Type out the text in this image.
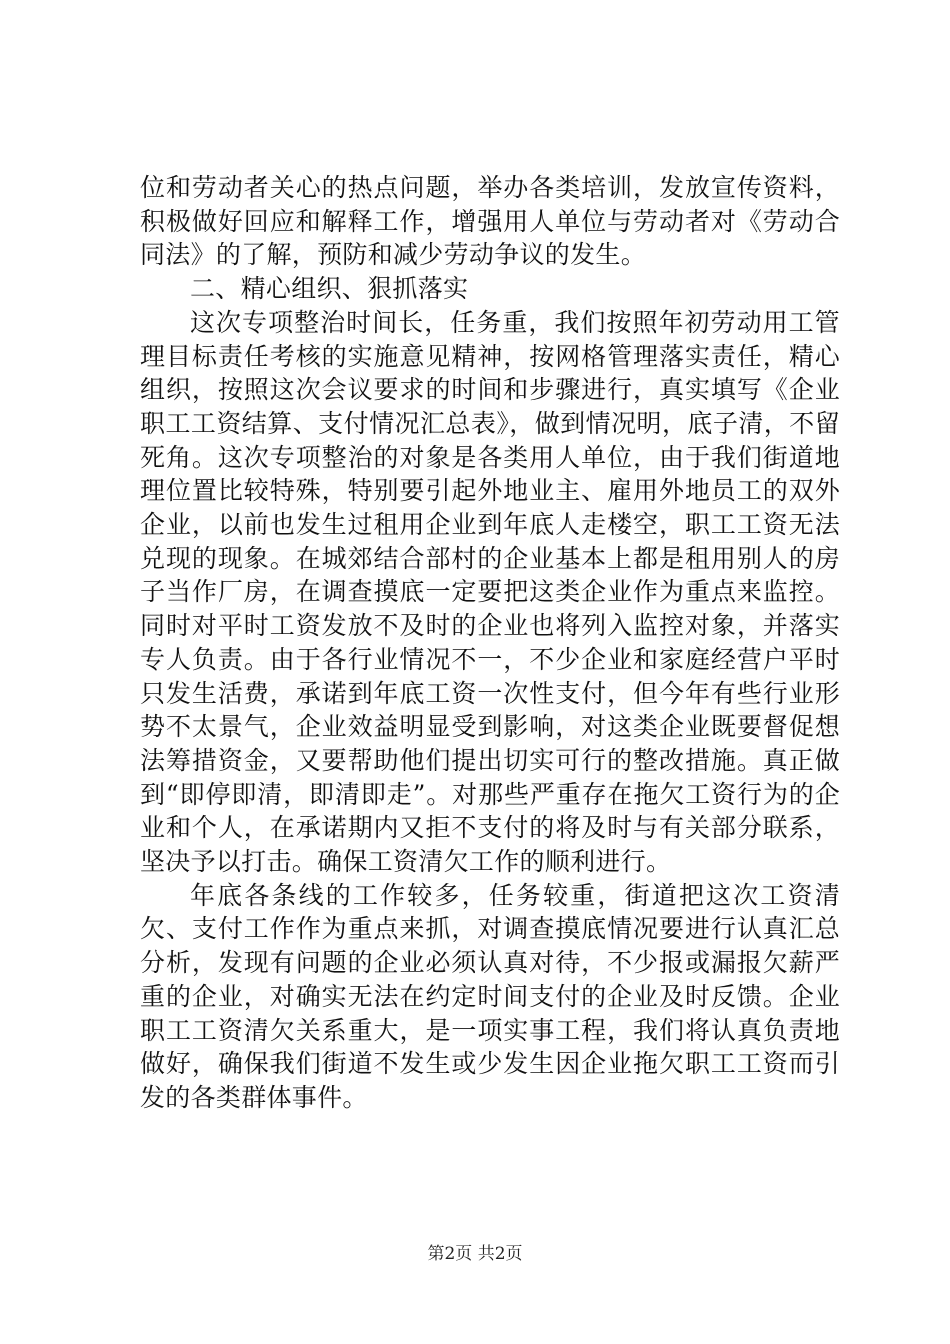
位和劳动者关心的热点问题，举办各类培训，发放宣传资料，积极做好回应和解释工作，增强用人单位与劳动者对《劳动合同法》的了解，预防和减少劳动争议的发生。

二、精心组织、狠抓落实

这次专项整治时间长，任务重，我们按照年初劳动用工管理目标责任考核的实施意见精神，按网格管理落实责任，精心组织，按照这次会议要求的时间和步骤进行，真实填写《企业职工工资结算、支付情况汇总表》，做到情况明，底子清，不留死角。这次专项整治的对象是各类用人单位，由于我们街道地理位置比较特殊，特别要引起外地业主、雇用外地员工的双外企业，以前也发生过租用企业到年底人走楼空，职工工资无法兑现的现象。在城郊结合部村的企业基本上都是租用别人的房子当作厂房，在调查摸底一定要把这类企业作为重点来监控。同时对平时工资发放不及时的企业也将列入监控对象，并落实专人负责。由于各行业情况不一，不少企业和家庭经营户平时只发生活费，承诺到年底工资一次性支付，但今年有些行业形势不太景气，企业效益明显受到影响，对这类企业既要督促想法筹措资金，又要帮助他们提出切实可行的整改措施。真正做到“即停即清，即清即走”。对那些严重存在拖欠工资行为的企业和个人，在承诺期内又拒不支付的将及时与有关部分联系，坚决予以打击。确保工资清欠工作的顺利进行。

年底各条线的工作较多，任务较重，街道把这次工资清欠、支付工作作为重点来抓，对调查摸底情况要进行认真汇总分析，发现有问题的企业必须认真对待，不少报或漏报欠薪严重的企业，对确实无法在约定时间支付的企业及时反馈。企业职工工资清欠关系重大，是一项实事工程，我们将认真负责地做好，确保我们街道不发生或少发生因企业拖欠职工工资而引发的各类群体事件。

第2页 共2页
